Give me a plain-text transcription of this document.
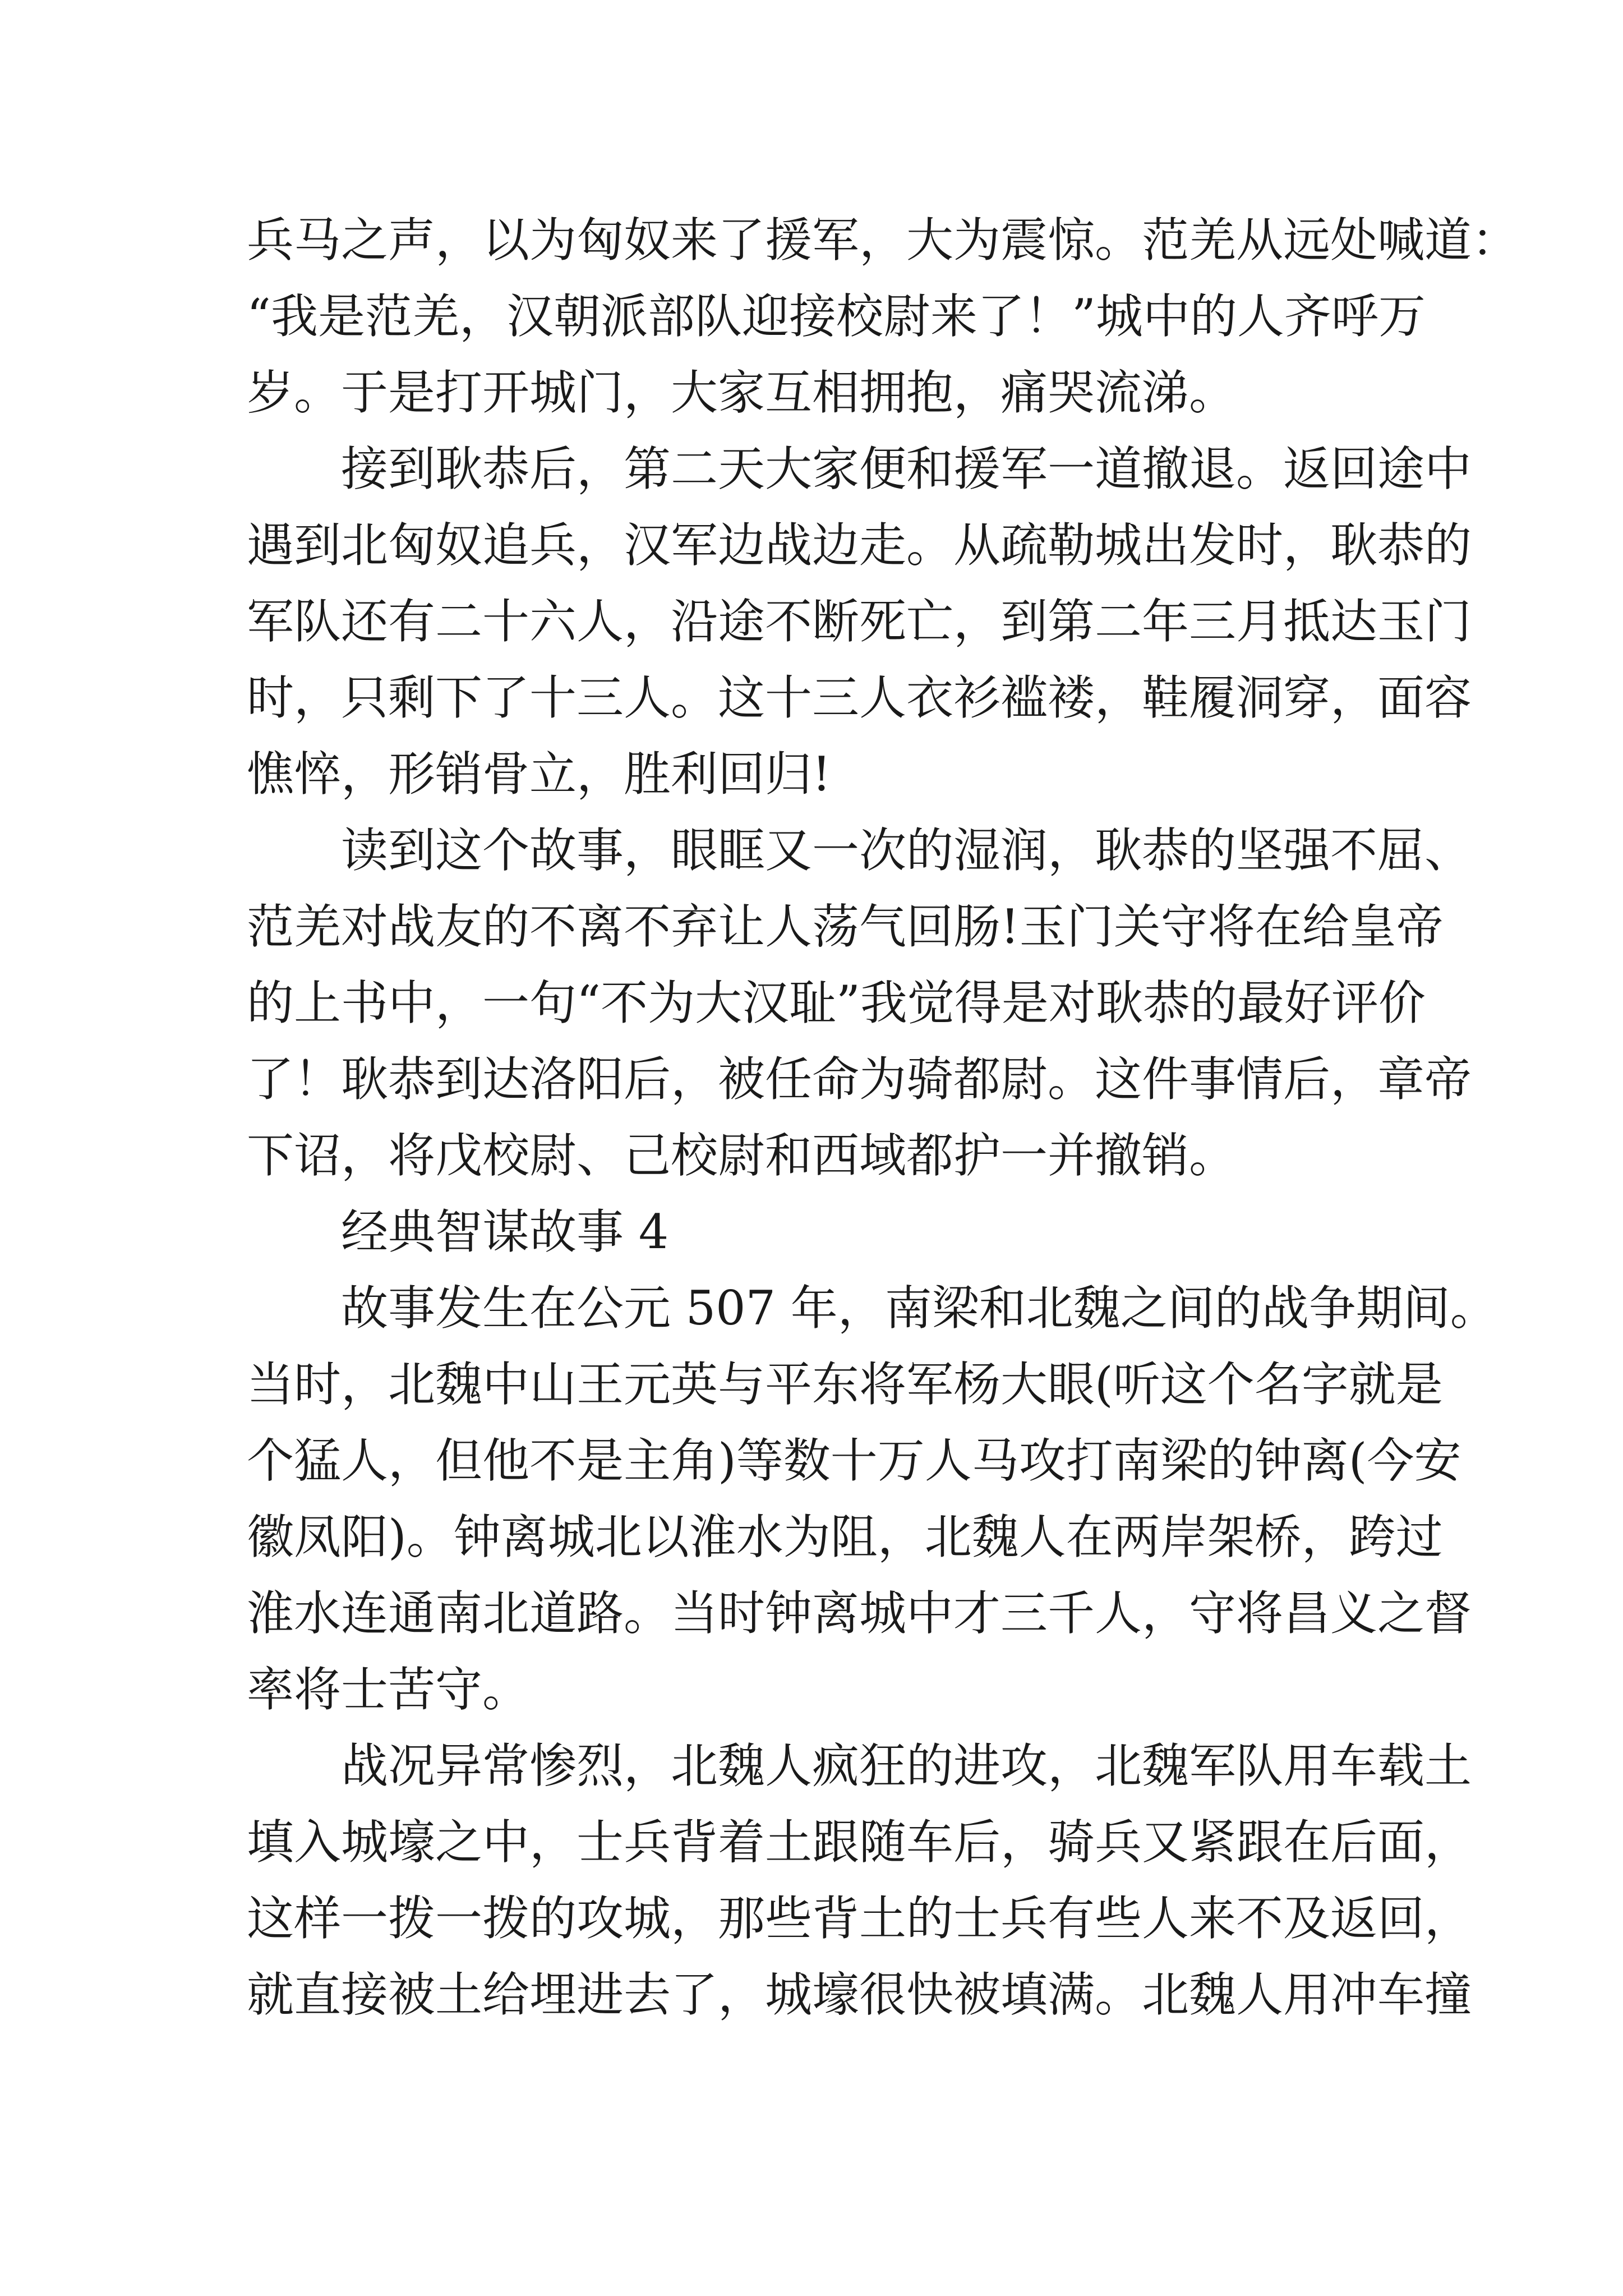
兵马之声，以为匈奴来了援军，大为震惊。范羌从远处喊道：
“我是范羌，汉朝派部队迎接校尉来了！”城中的人齐呼万
岁。于是打开城门，大家互相拥抱，痛哭流涕。
接到耿恭后，第二天大家便和援军一道撤退。返回途中
遇到北匈奴追兵，汉军边战边走。从疏勒城出发时，耿恭的
军队还有二十六人，沿途不断死亡，到第二年三月抵达玉门
时，只剩下了十三人。这十三人衣衫褴褛，鞋履洞穿，面容
憔悴，形销骨立，胜利回归!
读到这个故事，眼眶又一次的湿润，耿恭的坚强不屈、
范羌对战友的不离不弃让人荡气回肠!玉门关守将在给皇帝
的上书中，一句“不为大汉耻”我觉得是对耿恭的最好评价
了！耿恭到达洛阳后，被任命为骑都尉。这件事情后，章帝
下诏，将戊校尉、己校尉和西域都护一并撤销。
经典智谋故事 4
故事发生在公元 507 年，南梁和北魏之间的战争期间。
当时，北魏中山王元英与平东将军杨大眼(听这个名字就是
个猛人，但他不是主角)等数十万人马攻打南梁的钟离(今安
徽凤阳)。钟离城北以淮水为阻，北魏人在两岸架桥，跨过
淮水连通南北道路。当时钟离城中才三千人，守将昌义之督
率将士苦守。
战况异常惨烈，北魏人疯狂的进攻，北魏军队用车载土
填入城壕之中，士兵背着土跟随车后，骑兵又紧跟在后面，
这样一拨一拨的攻城，那些背土的士兵有些人来不及返回，
就直接被土给埋进去了，城壕很快被填满。北魏人用冲车撞
